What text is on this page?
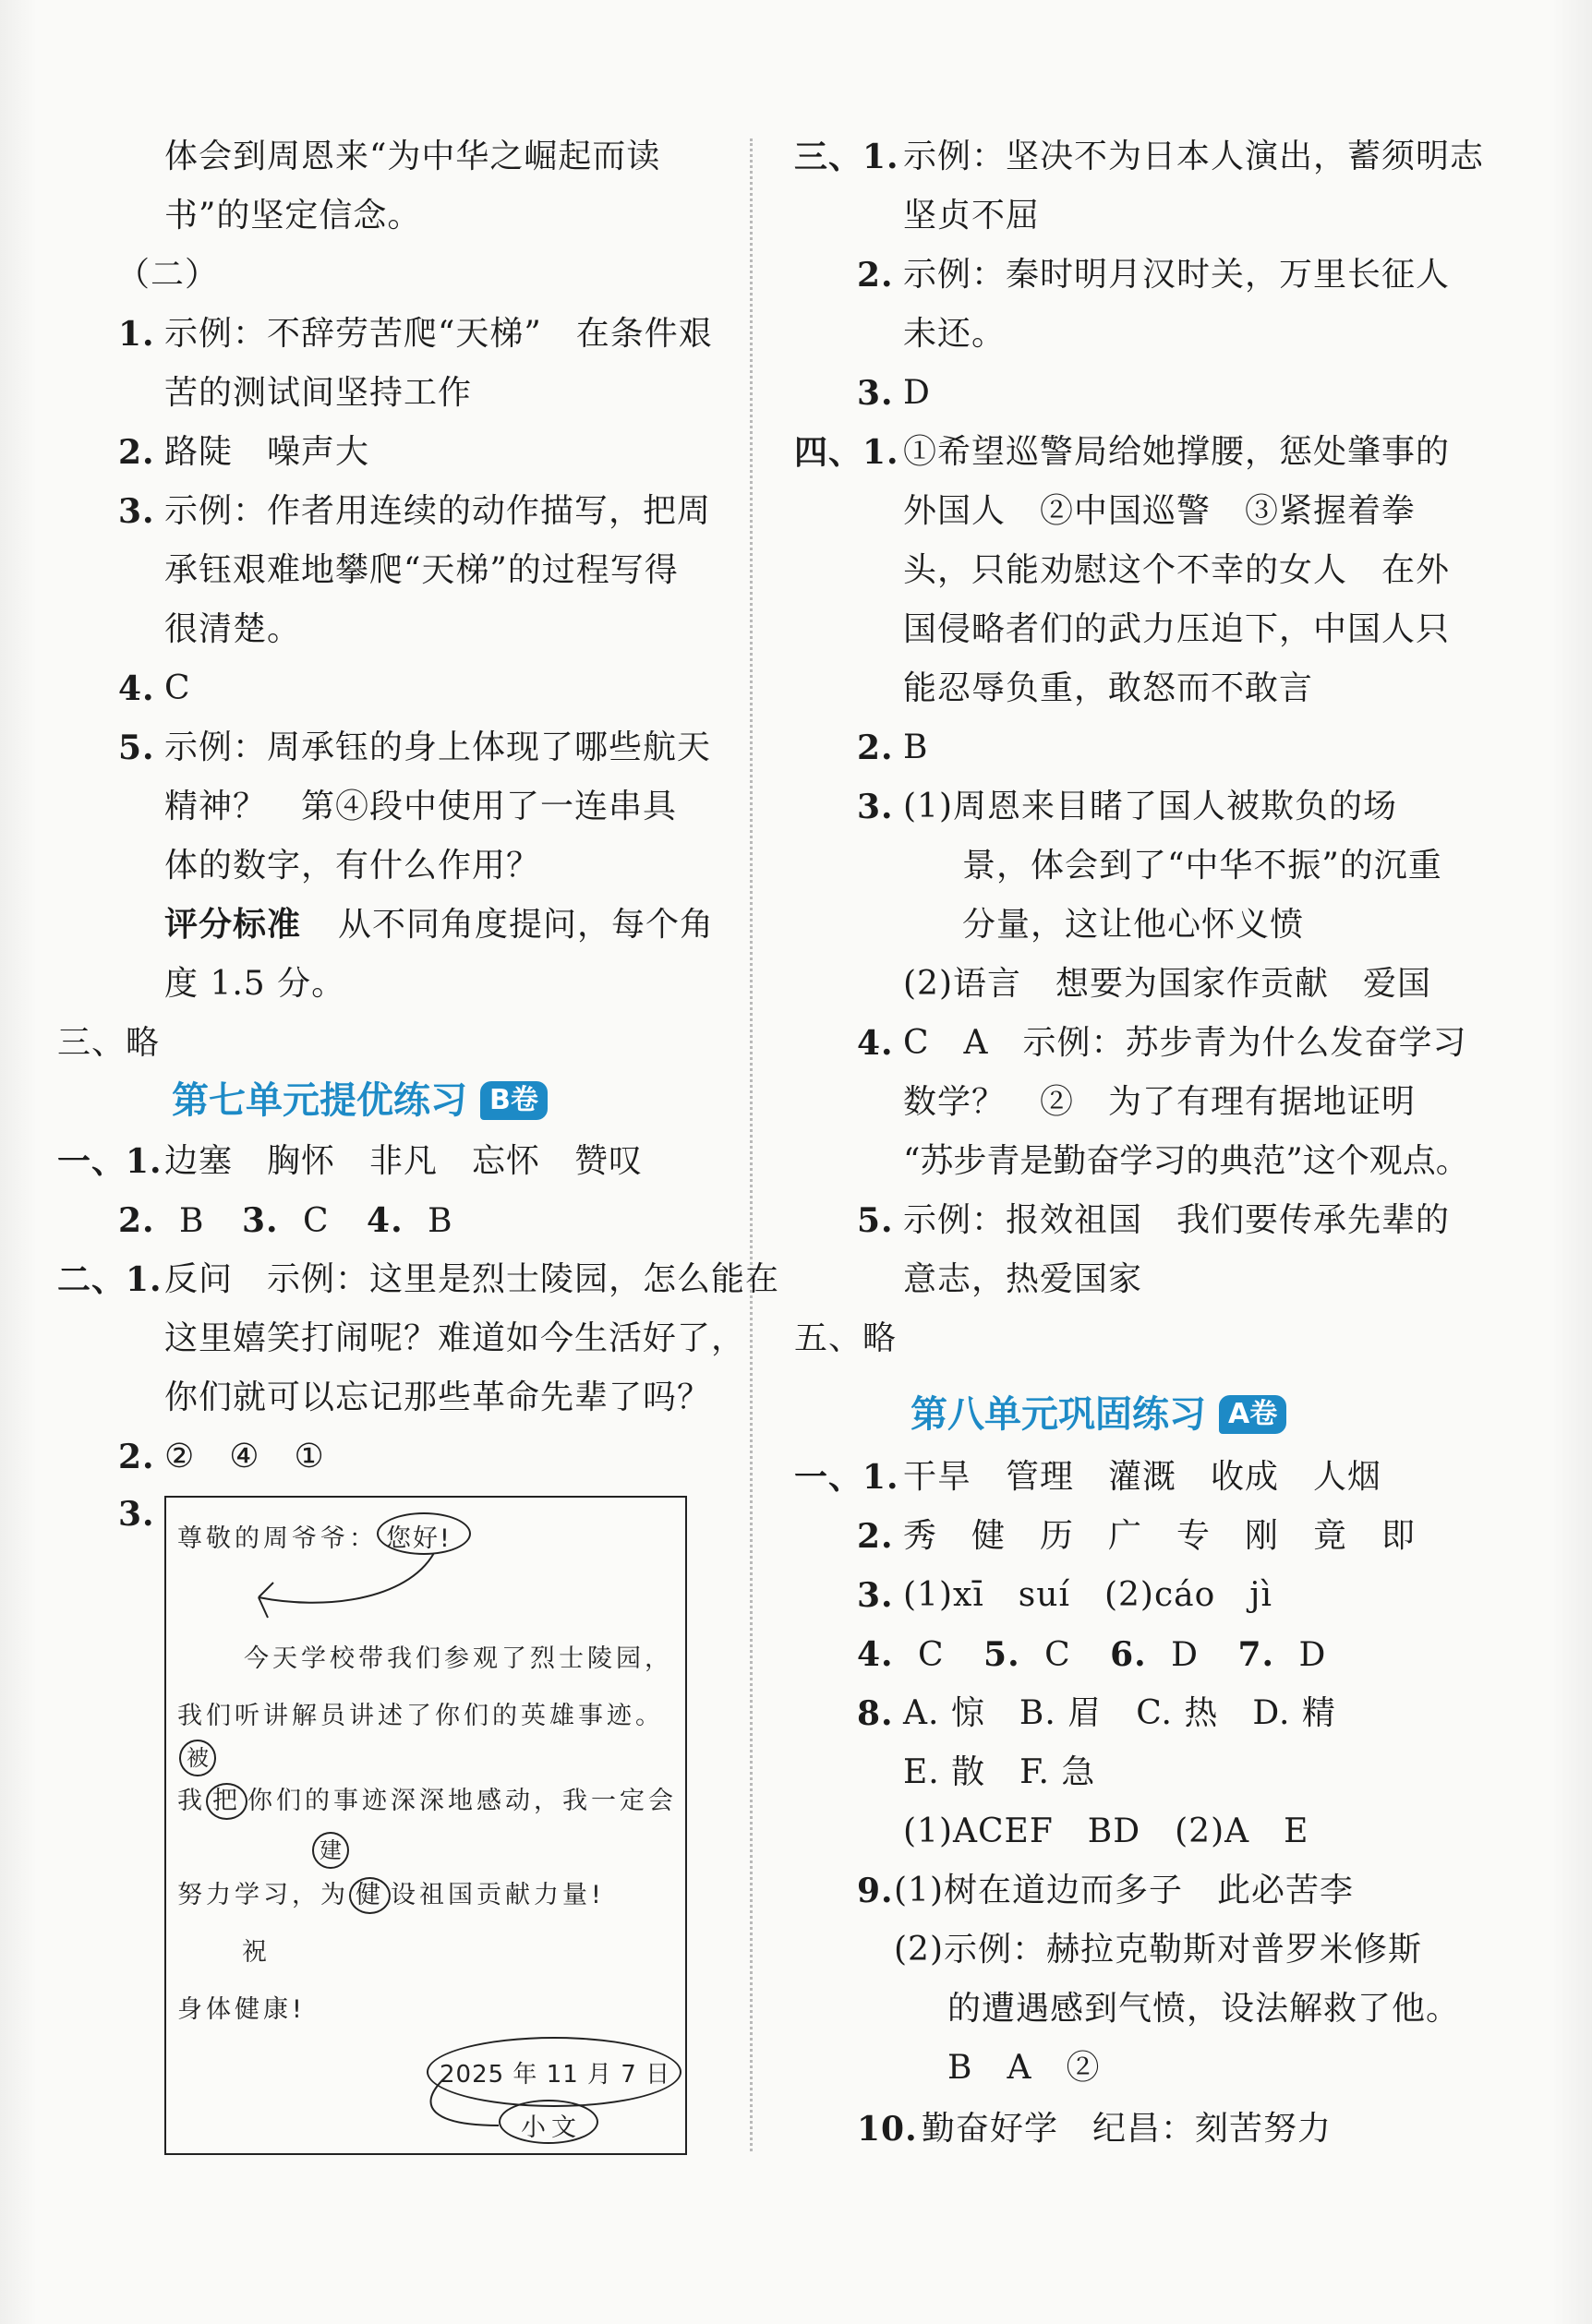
体会到周恩来“为中华之崛起而读
书”的坚定信念。
（二）
1. 示例：不辞劳苦爬“天梯”　在条件艰
苦的测试间坚持工作
2. 路陡　噪声大
3. 示例：作者用连续的动作描写，把周
承钰艰难地攀爬“天梯”的过程写得
很清楚。
4. C
5. 示例：周承钰的身上体现了哪些航天
精神？　第④段中使用了一连串具
体的数字，有什么作用？
评分标准 从不同角度提问，每个角
度 1.5 分。
三、略
第七单元提优练习 B卷
一、1. 边塞　胸怀　非凡　忘怀　赞叹
2. B 3. C 4. B
二、1. 反问　示例：这里是烈士陵园，怎么能在
这里嬉笑打闹呢？难道如今生活好了，
你们就可以忘记那些革命先辈了吗？
2. ②　④　①
3.
尊敬的周爷爷： 您好!
今天学校带我们参观了烈士陵园，
我们听讲解员讲述了你们的英雄事迹。
被
我 把 你们的事迹深深地感动，我一定会
建
努力学习，为 健 设祖国贡献力量!
祝
身体健康!
2025 年 11 月 7 日
小文
三、1. 示例：坚决不为日本人演出，蓄须明志
坚贞不屈
2. 示例：秦时明月汉时关，万里长征人
未还。
3. D
四、1. ①希望巡警局给她撑腰，惩处肇事的
外国人　②中国巡警　③紧握着拳
头，只能劝慰这个不幸的女人　在外
国侵略者们的武力压迫下，中国人只
能忍辱负重，敢怒而不敢言
2. B
3. (1)周恩来目睹了国人被欺负的场
景，体会到了“中华不振”的沉重
分量，这让他心怀义愤
(2)语言　想要为国家作贡献　爱国
4. C　A　示例：苏步青为什么发奋学习
数学？　②　为了有理有据地证明
“苏步青是勤奋学习的典范”这个观点。
5. 示例：报效祖国　我们要传承先辈的
意志，热爱国家
五、略
第八单元巩固练习 A卷
一、1. 干旱　管理　灌溉　收成　人烟
2. 秀　健　历　广　专　刚　竟　即
3. (1)xī　suí　(2)cáo　jì
4. C 5. C 6. D 7. D
8. A. 惊　B. 眉　C. 热　D. 精
E. 散　F. 急
(1)ACEF　BD　(2)A　E
9. (1)树在道边而多子　此必苦李
(2)示例：赫拉克勒斯对普罗米修斯
的遭遇感到气愤，设法解救了他。
B　A　②
10. 勤奋好学　纪昌：刻苦努力
